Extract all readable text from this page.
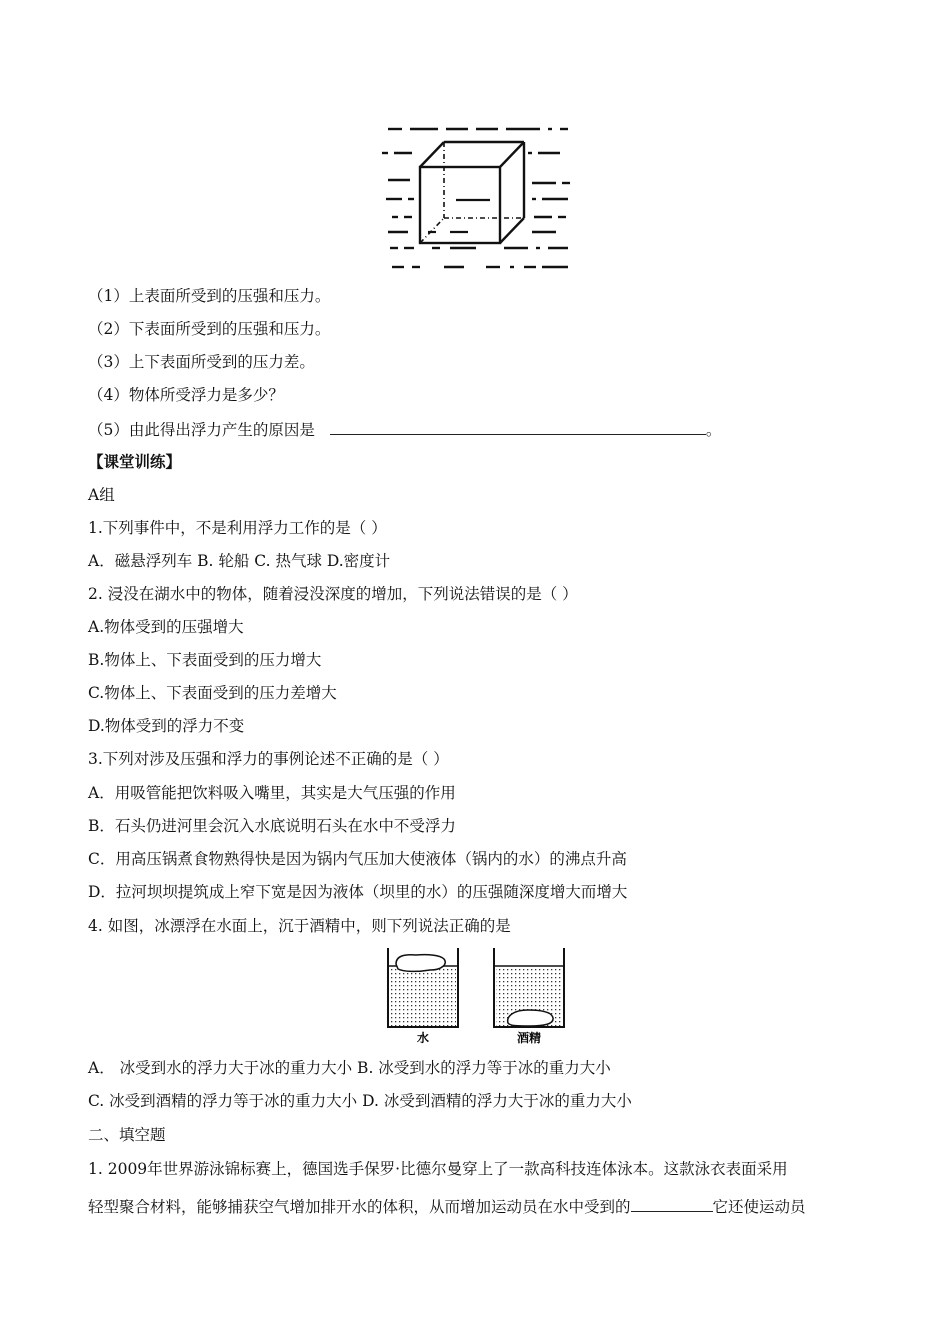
（1）上表面所受到的压强和压力。
（2）下表面所受到的压强和压力。
（3）上下表面所受到的压力差。
（4）物体所受浮力是多少？
（5）由此得出浮力产生的原因是	。
【课堂训练】
A组
1.下列事件中，不是利用浮力工作的是（ ）
A．磁悬浮列车 B. 轮船 C. 热气球 D.密度计
2. 浸没在湖水中的物体，随着浸没深度的增加，下列说法错误的是（ ）
A.物体受到的压强增大
B.物体上、下表面受到的压力增大
C.物体上、下表面受到的压力差增大
D.物体受到的浮力不变
3.下列对涉及压强和浮力的事例论述不正确的是（ ）
A．用吸管能把饮料吸入嘴里，其实是大气压强的作用
B．石头仍进河里会沉入水底说明石头在水中不受浮力
C．用高压锅煮食物熟得快是因为锅内气压加大使液体（锅内的水）的沸点升高
D．拉河坝坝提筑成上窄下宽是因为液体（坝里的水）的压强随深度增大而增大
4. 如图，冰漂浮在水面上，沉于酒精中，则下列说法正确的是
水	酒精
A． 冰受到水的浮力大于冰的重力大小 B. 冰受到水的浮力等于冰的重力大小
C. 冰受到酒精的浮力等于冰的重力大小 D. 冰受到酒精的浮力大于冰的重力大小
二、填空题
1. 2009年世界游泳锦标赛上，德国选手保罗·比德尔曼穿上了一款高科技连体泳本。这款泳衣表面采用
轻型聚合材料，能够捕获空气增加排开水的体积，从而增加运动员在水中受到的	它还使运动员
